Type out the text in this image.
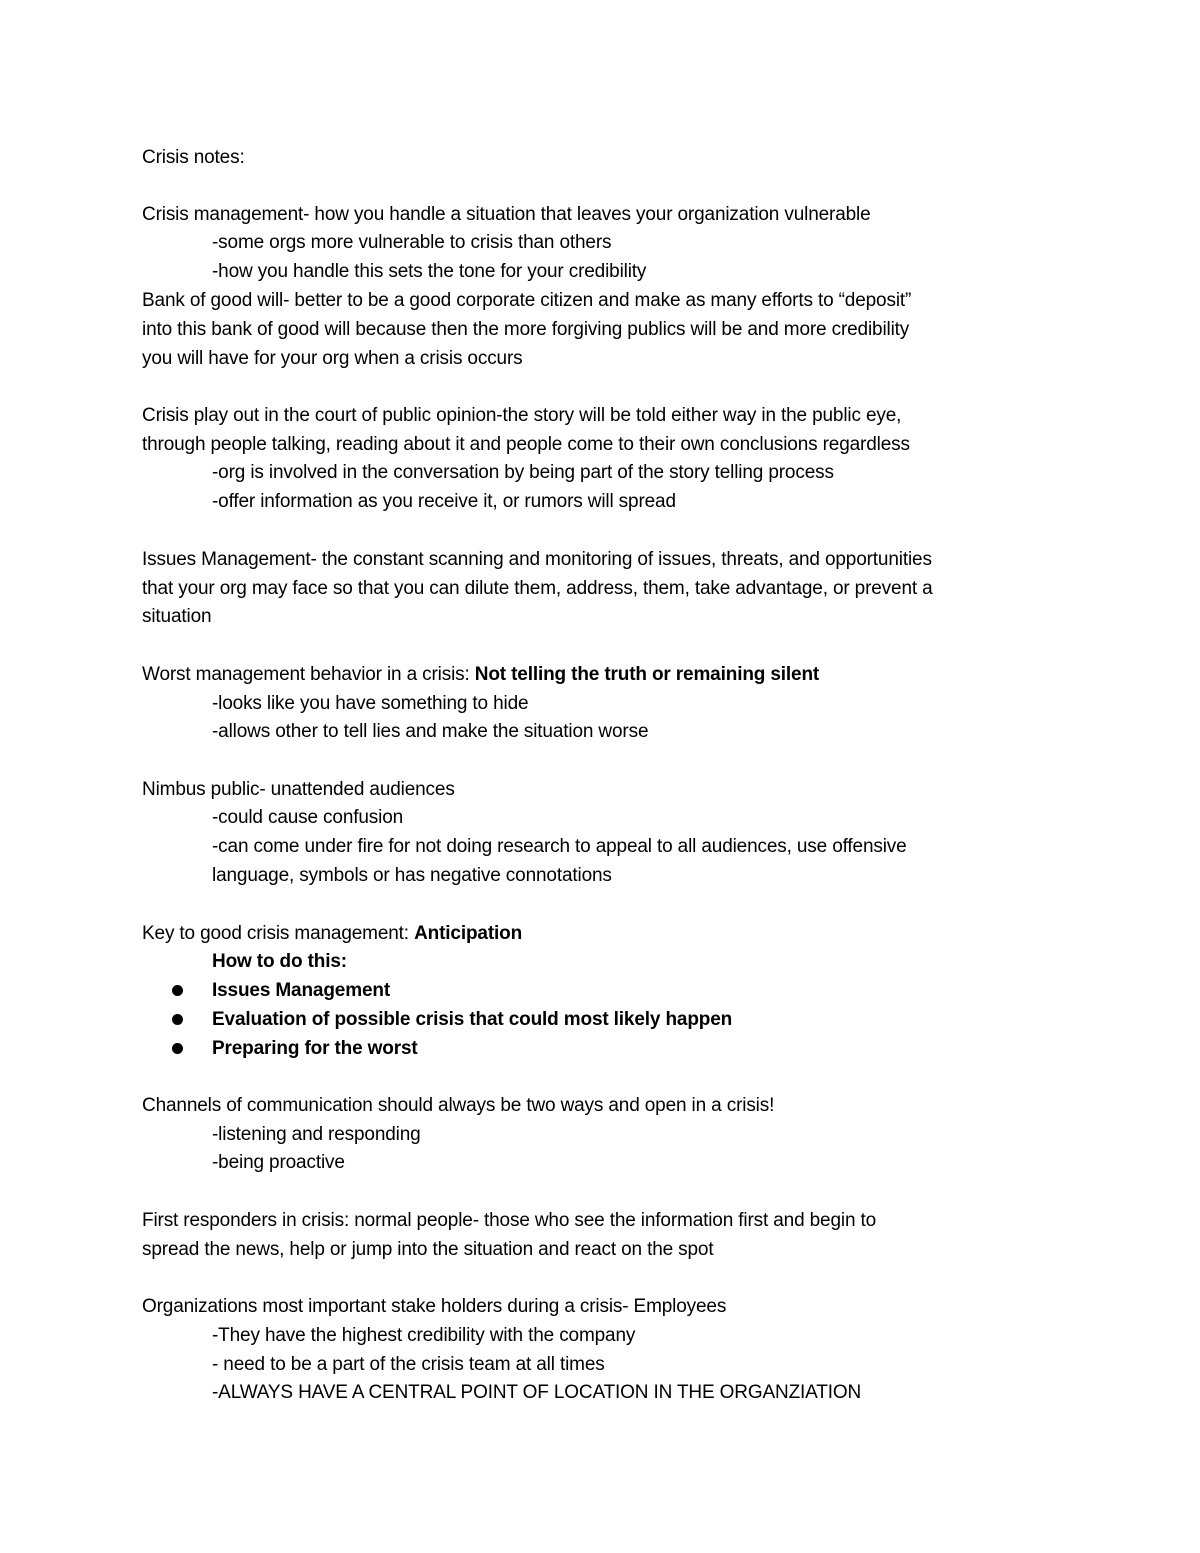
Crisis notes:
Crisis management- how you handle a situation that leaves your organization vulnerable
-some orgs more vulnerable to crisis than others
-how you handle this sets the tone for your credibility
Bank of good will- better to be a good corporate citizen and make as many efforts to “deposit”
into this bank of good will because then the more forgiving publics will be and more credibility
you will have for your org when a crisis occurs
Crisis play out in the court of public opinion-the story will be told either way in the public eye,
through people talking, reading about it and people come to their own conclusions regardless
-org is involved in the conversation by being part of the story telling process
-offer information as you receive it, or rumors will spread
Issues Management- the constant scanning and monitoring of issues, threats, and opportunities
that your org may face so that you can dilute them, address, them, take advantage, or prevent a
situation
Worst management behavior in a crisis: Not telling the truth or remaining silent
-looks like you have something to hide
-allows other to tell lies and make the situation worse
Nimbus public- unattended audiences
-could cause confusion
-can come under fire for not doing research to appeal to all audiences, use offensive
language, symbols or has negative connotations
Key to good crisis management: Anticipation
How to do this:
Issues Management
Evaluation of possible crisis that could most likely happen
Preparing for the worst
Channels of communication should always be two ways and open in a crisis!
-listening and responding
-being proactive
First responders in crisis: normal people- those who see the information first and begin to
spread the news, help or jump into the situation and react on the spot
Organizations most important stake holders during a crisis- Employees
-They have the highest credibility with the company
- need to be a part of the crisis team at all times
-ALWAYS HAVE A CENTRAL POINT OF LOCATION IN THE ORGANZIATION
